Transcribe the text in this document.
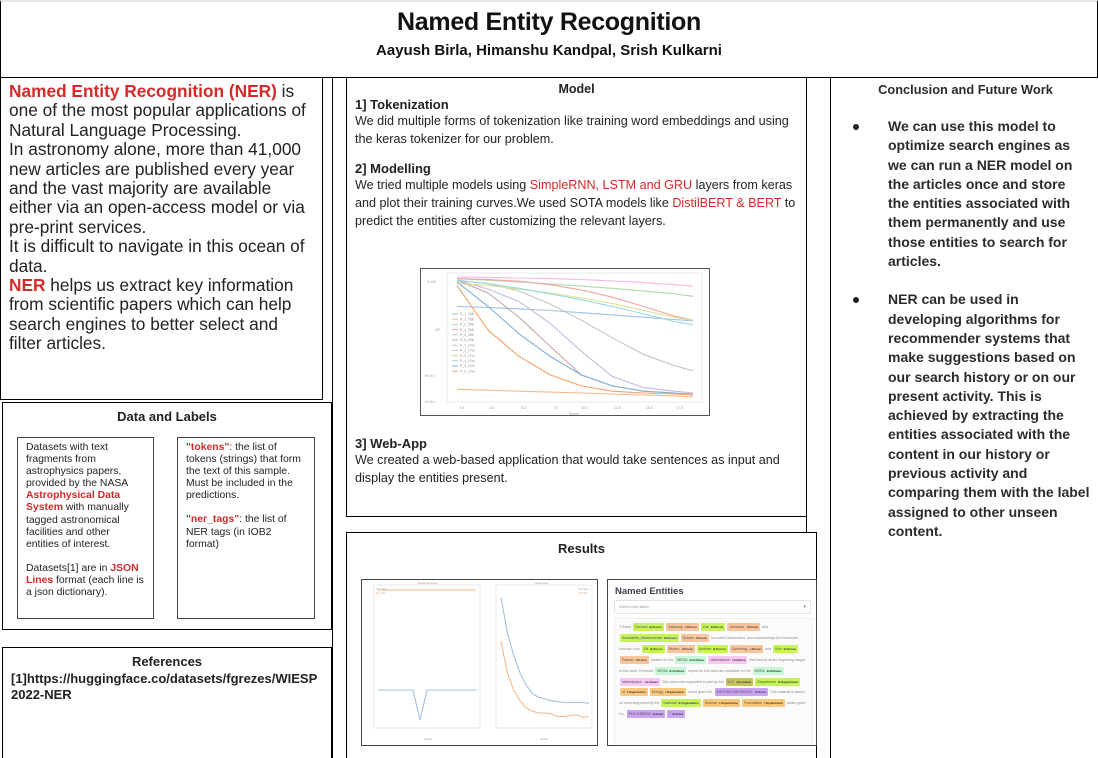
Named Entity Recognition
Aayush Birla, Himanshu Kandpal, Srish Kulkarni
Named Entity Recognition (NER) is one of the most popular applications of Natural Language Processing.
In astronomy alone, more than 41,000 new articles are published every year and the vast majority are available either via an open-access model or via pre-print services.
It is difficult to navigate in this ocean of data.
NER helps us extract key information from scientific papers which can help search engines to better select and filter articles.
Data and Labels
Datasets with text fragments from astrophysics papers, provided by the NASA Astrophysical Data System with manually tagged astronomical facilities and other entities of interest.
Datasets[1] are in JSON Lines format (each line is a json dictionary).
"tokens": the list of tokens (strings) that form the text of this sample. Must be included in the predictions.
"ner_tags": the list of NER tags (in IOB2 format)
References
[1]https://huggingface.co/datasets/fgrezes/WIESP2022-NER
Model
1] Tokenization
We did multiple forms of tokenization like training word embeddings and using the keras tokenizer for our problem.
2] Modelling
We tried multiple models using SimpleRNN, LSTM and GRU layers from keras and plot their training curves.We used SOTA models like DistilBERT & BERT to predict the entities after customizing the relevant layers.
2×10⁰
10⁰
6×10⁻¹
4×10⁻¹
0.0	2.5	5.0	7.5	10.0	12.5	15.0	17.5
Epoch
R_1_5Mil
R_2_5Mil
R_3_5Mil
R_4_5Mil
R_5_5Mil
R_6_5Mil
R_1_1Tok
R_2_1Tok
R_3_1Tok
R_4_1Tok
R_5_1Tok
R_6_1Tok
3] Web-App
We created a web-based application that would take sentences as input and display the entities present.
Results
model accuracy	model loss
epoch	epoch
train
val
train
val	Named Entities
Select entity labels	▾
"I thank Duncan B-Person Galloway, I-Person Zoe B-Person Johnston, I-Person and Konstantin_Malanchenko B-Person Schatz I-Person for useful discussions, and acknowledge the instructive tutorials from Ed B-Person Brown, I-Person Andrew B-Person Cumming, I-Person and Bob B-PersonFarmer I-Person located on the MESA B-Software Marketplace I-Software that helped at the beginning stages of this work. Relevant MESA B-Software inputs for this work are available on the MESA B-SoftwareMarketplace. I-Software This work was supported in part by the U.S. B-Location Department B-Organizationof I-Organization Energy I-Organization under grant No. DE-FG02-84ER40197. B-Grant This material is based on work supported by the National B-Organization Science I-Organization Foundation I-Organization under grant No. PHY-1455152 B-Grant " B-Grant
Conclusion and Future Work
We can use this model to optimize search engines as we can run a NER model on the articles once and store the entities associated with them permanently and use those entities to search for articles.
NER can be used in developing algorithms for recommender systems that make suggestions based on our search history or on our present activity. This is achieved by extracting the entities associated with the content in our history or previous activity and comparing them with the label assigned to other unseen content.
